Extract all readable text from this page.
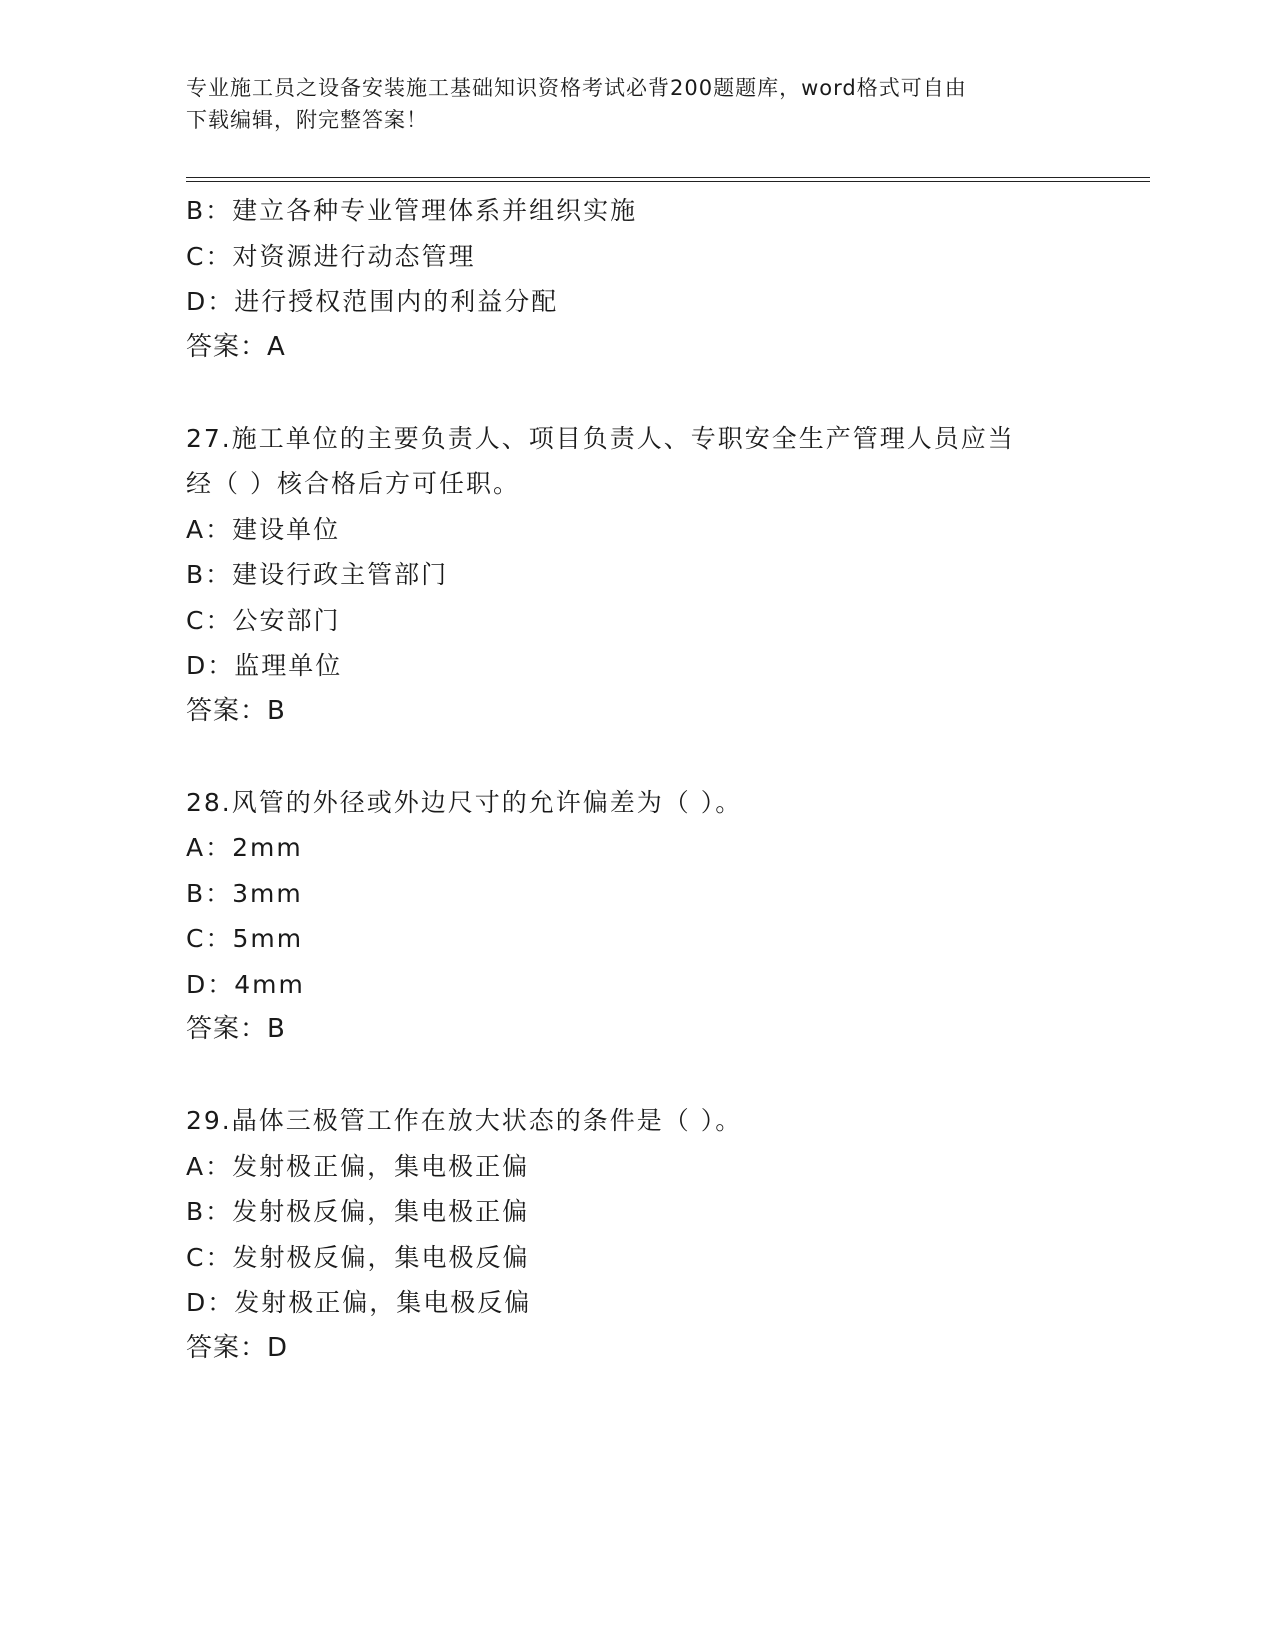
专业施工员之设备安装施工基础知识资格考试必背200题题库，word格式可自由

下载编辑，附完整答案！

B：建立各种专业管理体系并组织实施

C：对资源进行动态管理

D：进行授权范围内的利益分配

答案：A

27.施工单位的主要负责人、项目负责人、专职安全生产管理人员应当

经（ ）核合格后方可任职。

A：建设单位

B：建设行政主管部门

C：公安部门

D：监理单位

答案：B

28.风管的外径或外边尺寸的允许偏差为（ ）。

A：2mm

B：3mm

C：5mm

D：4mm

答案：B

29.晶体三极管工作在放大状态的条件是（ ）。

A：发射极正偏，集电极正偏

B：发射极反偏，集电极正偏

C：发射极反偏，集电极反偏

D：发射极正偏，集电极反偏

答案：D
